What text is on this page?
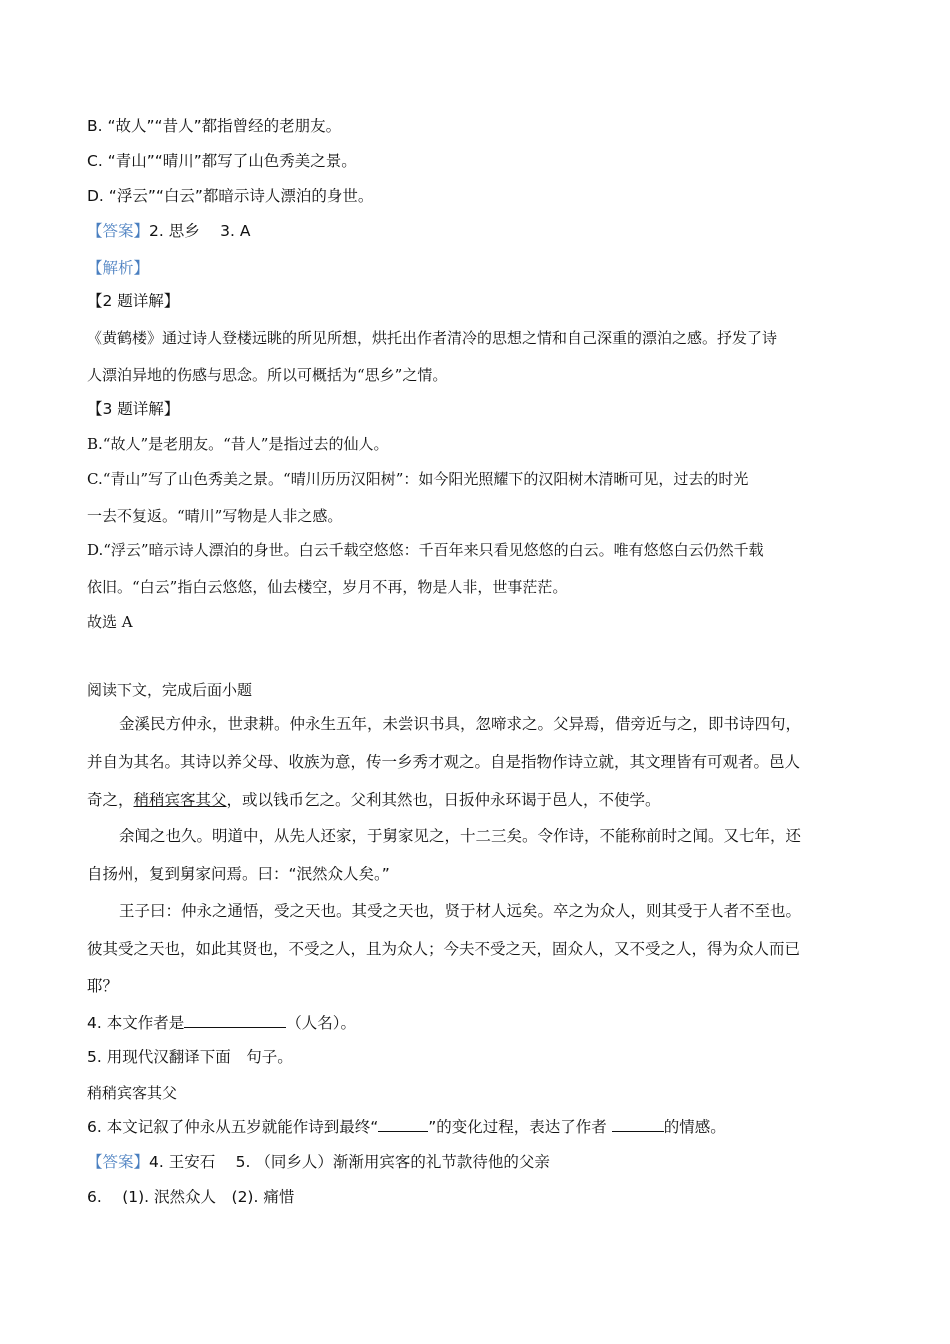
B. “故人”“昔人”都指曾经的老朋友。
C. “青山”“晴川”都写了山色秀美之景。
D. “浮云”“白云”都暗示诗人漂泊的身世。
【答案】2. 思乡　 3. A
【解析】
【2 题详解】
《黄鹤楼》通过诗人登楼远眺的所见所想，烘托出作者清冷的思想之情和自己深重的漂泊之感。抒发了诗
人漂泊异地的伤感与思念。所以可概括为“思乡”之情。
【3 题详解】
B.“故人”是老朋友。“昔人”是指过去的仙人。
C.“青山”写了山色秀美之景。“晴川历历汉阳树”：如今阳光照耀下的汉阳树木清晰可见，过去的时光
一去不复返。“晴川”写物是人非之感。
D.“浮云”暗示诗人漂泊的身世。白云千载空悠悠：千百年来只看见悠悠的白云。唯有悠悠白云仍然千载
依旧。“白云”指白云悠悠，仙去楼空，岁月不再，物是人非，世事茫茫。
故选 A
阅读下文，完成后面小题
金溪民方仲永，世隶耕。仲永生五年，未尝识书具，忽啼求之。父异焉，借旁近与之，即书诗四句，
并自为其名。其诗以养父母、收族为意，传一乡秀才观之。自是指物作诗立就，其文理皆有可观者。邑人
奇之，稍稍宾客其父，或以钱币乞之。父利其然也，日扳仲永环谒于邑人，不使学。
余闻之也久。明道中，从先人还家，于舅家见之，十二三矣。令作诗，不能称前时之闻。又七年，还
自扬州，复到舅家问焉。曰：“泯然众人矣。”
王子曰：仲永之通悟，受之天也。其受之天也，贤于材人远矣。卒之为众人，则其受于人者不至也。
彼其受之天也，如此其贤也，不受之人，且为众人；今夫不受之天，固众人，又不受之人，得为众人而已
耶？
4. 本文作者是	（人名）。
5. 用现代汉翻译下面　句子。
稍稍宾客其父
6. 本文记叙了仲永从五岁就能作诗到最终“	”的变化过程，表达了作者	的情感。
【答案】4. 王安石　 5. （同乡人）渐渐用宾客的礼节款待他的父亲
6.　 (1). 泯然众人　(2). 痛惜
